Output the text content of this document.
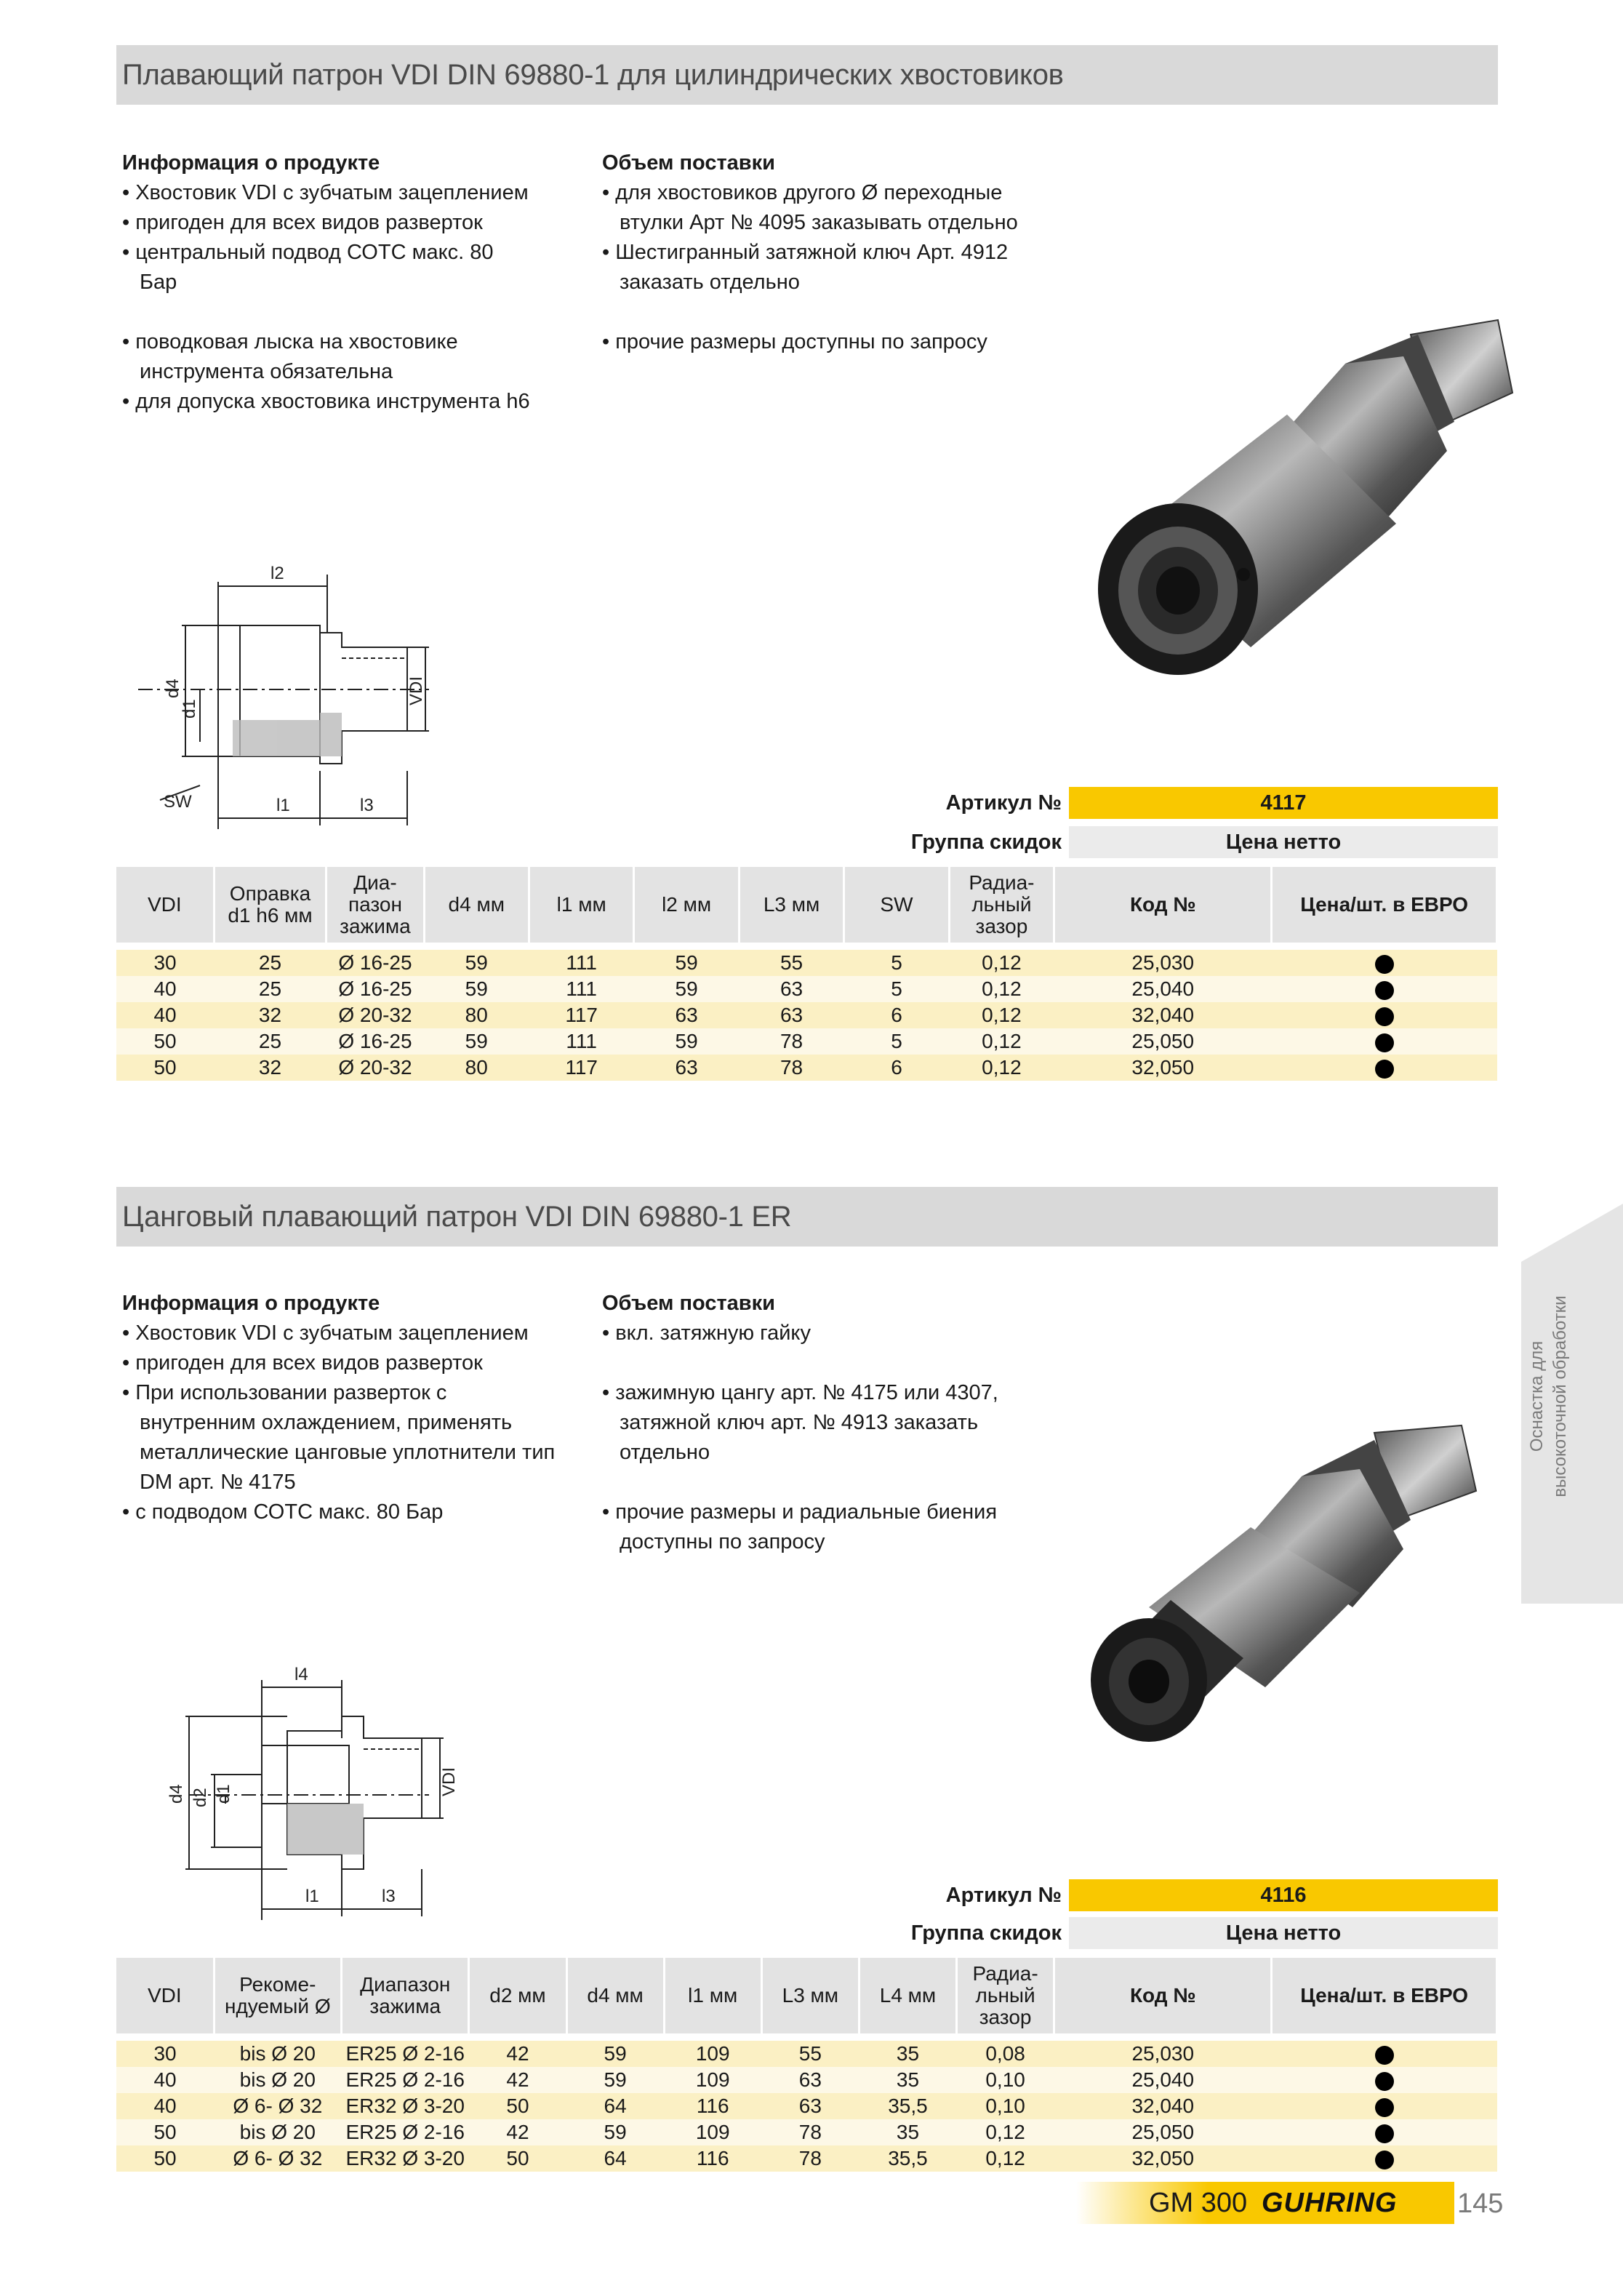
Плавающий патрон VDI DIN 69880-1 для цилиндрических хвостовиков
Информация о продукте
• Хвостовик VDI с зубчатым зацеплением
• пригоден для всех видов разверток
• центральный подвод СОТС макс. 80 Бар
• поводковая лыска на хвостовике инструмента обязательна
• для допуска хвостовика инструмента h6
Объем поставки
• для хвостовиков другого Ø переходные втулки Арт № 4095 заказывать отдельно
• Шестигранный затяжной ключ Арт. 4912 заказать отдельно
• прочие размеры доступны по запросу
l2
d4
d1
VDI
SW	l1	l3	Артикул №	4117
Группа скидок	Цена нетто
VDI	Оправка d1 h6 мм	Диа-пазон зажима	d4 мм	l1 мм	l2 мм	L3 мм	SW	Радиа-льный зазор	Код №	Цена/шт. в ЕВРО

30	25	Ø 16-25	59	111	59	55	5	0,12	25,030	
40	25	Ø 16-25	59	111	59	63	5	0,12	25,040	
40	32	Ø 20-32	80	117	63	63	6	0,12	32,040	
50	25	Ø 16-25	59	111	59	78	5	0,12	25,050	
50	32	Ø 20-32	80	117	63	78	6	0,12	32,050	
Цанговый плавающий патрон VDI DIN 69880-1 ER
Информация о продукте
• Хвостовик VDI с зубчатым зацеплением
• пригоден для всех видов разверток
• При использовании разверток с внутренним охлаждением, применять металлические цанговые уплотнители тип DM арт. № 4175
• с подводом СОТС макс. 80 Бар
Объем поставки
• вкл. затяжную гайку
• зажимную цангу арт. № 4175 или 4307, затяжной ключ арт. № 4913 заказать отдельно
• прочие размеры и радиальные биения доступны по запросу
l4
d4 d2 d1	VDI
l1	l3	Артикул №	4116
Группа скидок	Цена нетто
VDI	Рекоме-ндуемый Ø	Диапазон зажима	d2 мм	d4 мм	l1 мм	L3 мм	L4 мм	Радиа-льный зазор	Код №	Цена/шт. в ЕВРО

30	bis Ø 20	ER25 Ø 2-16	42	59	109	55	35	0,08	25,030	
40	bis Ø 20	ER25 Ø 2-16	42	59	109	63	35	0,10	25,040	
40	Ø 6- Ø 32	ER32 Ø 3-20	50	64	116	63	35,5	0,10	32,040	
50	bis Ø 20	ER25 Ø 2-16	42	59	109	78	35	0,12	25,050	
50	Ø 6- Ø 32	ER32 Ø 3-20	50	64	116	78	35,5	0,12	32,050	
Оснастка для высокоточной обработки
GM 300 GUHRING 145
